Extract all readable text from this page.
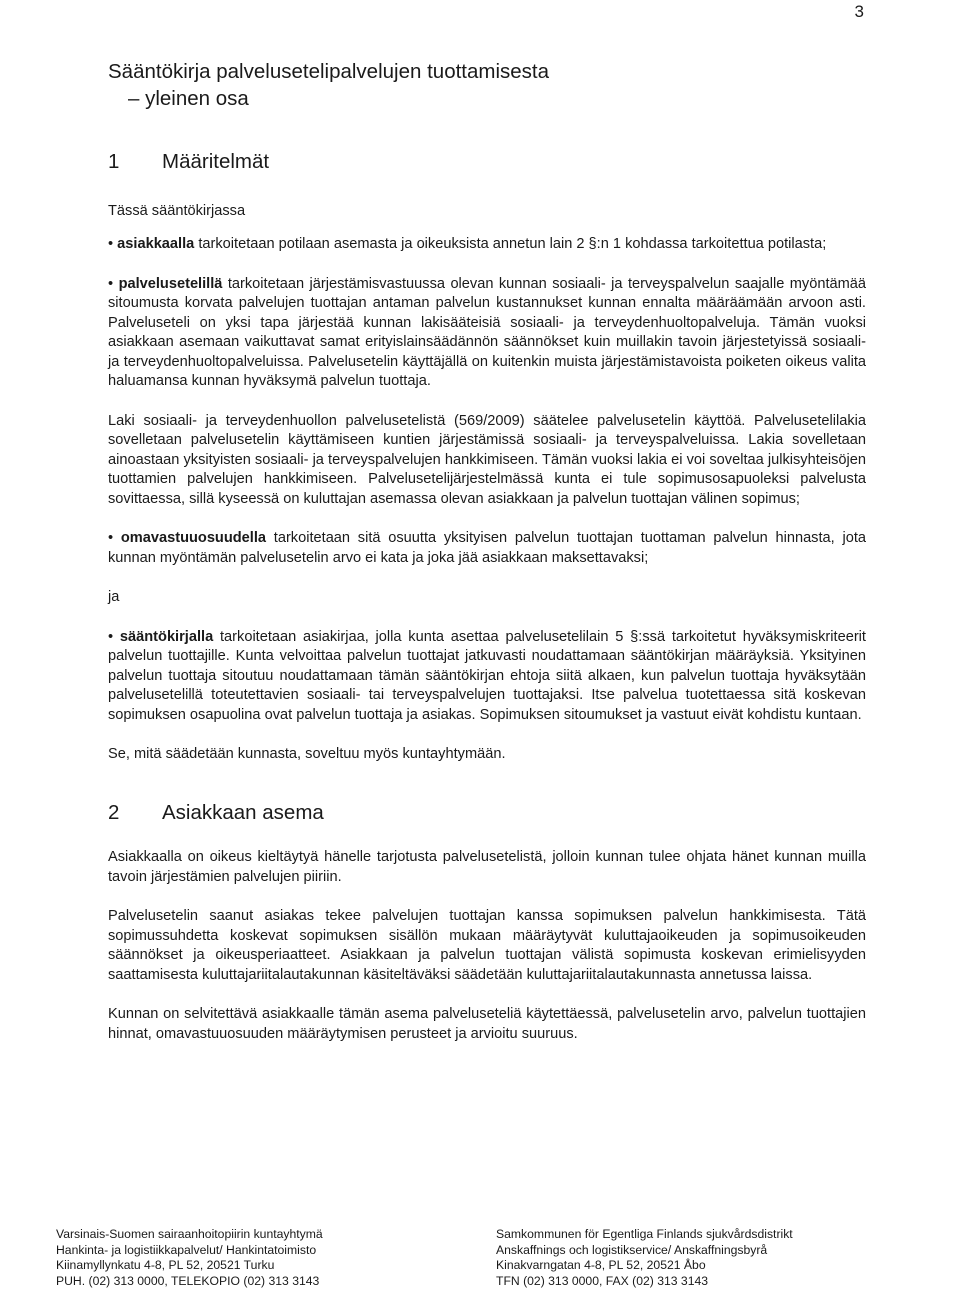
3
Sääntökirja palvelusetelipalvelujen tuottamisesta
– yleinen osa
1	Määritelmät

Tässä sääntökirjassa

• asiakkaalla tarkoitetaan potilaan asemasta ja oikeuksista annetun lain 2 §:n 1 kohdassa tarkoitettua potilasta;

• palvelusetelillä tarkoitetaan järjestämisvastuussa olevan kunnan sosiaali- ja terveyspalvelun saajalle myöntämää sitoumusta korvata palvelujen tuottajan antaman palvelun kustannukset kunnan ennalta määräämään arvoon asti. Palveluseteli on yksi tapa järjestää kunnan lakisääteisiä sosiaali- ja terveydenhuoltopalveluja. Tämän vuoksi asiakkaan asemaan vaikuttavat samat erityislainsäädännön säännökset kuin muillakin tavoin järjestetyissä sosiaali- ja terveydenhuoltopalveluissa. Palvelusetelin käyttäjällä on kuitenkin muista järjestämistavoista poiketen oikeus valita haluamansa kunnan hyväksymä palvelun tuottaja.

Laki sosiaali- ja terveydenhuollon palvelusetelistä (569/2009) säätelee palvelusetelin käyttöä. Palvelusetelilakia sovelletaan palvelusetelin käyttämiseen kuntien järjestämissä sosiaali- ja terveyspalveluissa. Lakia sovelletaan ainoastaan yksityisten sosiaali- ja terveyspalvelujen hankkimiseen. Tämän vuoksi lakia ei voi soveltaa julkisyhteisöjen tuottamien palvelujen hankkimiseen. Palvelusetelijärjestelmässä kunta ei tule sopimusosapuoleksi palvelusta sovittaessa, sillä kyseessä on kuluttajan asemassa olevan asiakkaan ja palvelun tuottajan välinen sopimus;

• omavastuuosuudella tarkoitetaan sitä osuutta yksityisen palvelun tuottajan tuottaman palvelun hinnasta, jota kunnan myöntämän palvelusetelin arvo ei kata ja joka jää asiakkaan maksettavaksi;

ja

• sääntökirjalla tarkoitetaan asiakirjaa, jolla kunta asettaa palvelusetelilain 5 §:ssä tarkoitetut hyväksymiskriteerit palvelun tuottajille. Kunta velvoittaa palvelun tuottajat jatkuvasti noudattamaan sääntökirjan määräyksiä. Yksityinen palvelun tuottaja sitoutuu noudattamaan tämän sääntökirjan ehtoja siitä alkaen, kun palvelun tuottaja hyväksytään palvelusetelillä toteutettavien sosiaali- tai terveyspalvelujen tuottajaksi. Itse palvelua tuotettaessa sitä koskevan sopimuksen osapuolina ovat palvelun tuottaja ja asiakas. Sopimuksen sitoumukset ja vastuut eivät kohdistu kuntaan.

Se, mitä säädetään kunnasta, soveltuu myös kuntayhtymään.

2	Asiakkaan asema

Asiakkaalla on oikeus kieltäytyä hänelle tarjotusta palvelusetelistä, jolloin kunnan tulee ohjata hänet kunnan muilla tavoin järjestämien palvelujen piiriin.

Palvelusetelin saanut asiakas tekee palvelujen tuottajan kanssa sopimuksen palvelun hankkimisesta. Tätä sopimussuhdetta koskevat sopimuksen sisällön mukaan määräytyvät kuluttajaoikeuden ja sopimusoikeuden säännökset ja oikeusperiaatteet. Asiakkaan ja palvelun tuottajan välistä sopimusta koskevan erimielisyyden saattamisesta kuluttajariitalautakunnan käsiteltäväksi säädetään kuluttajariitalautakunnasta annetussa laissa.

Kunnan on selvitettävä asiakkaalle tämän asema palveluseteliä käytettäessä, palvelusetelin arvo, palvelun tuottajien hinnat, omavastuuosuuden määräytymisen perusteet ja arvioitu suuruus.

Varsinais-Suomen sairaanhoitopiirin kuntayhtymä
Hankinta- ja logistiikkapalvelut/ Hankintatoimisto
Kiinamyllynkatu 4-8, PL 52, 20521 Turku
PUH. (02) 313 0000, TELEKOPIO (02) 313 3143
Samkommunen för Egentliga Finlands sjukvårdsdistrikt
Anskaffnings och logistikservice/ Anskaffningsbyrå
Kinakvarngatan 4-8, PL 52, 20521 Åbo
TFN (02) 313 0000, FAX (02) 313 3143
